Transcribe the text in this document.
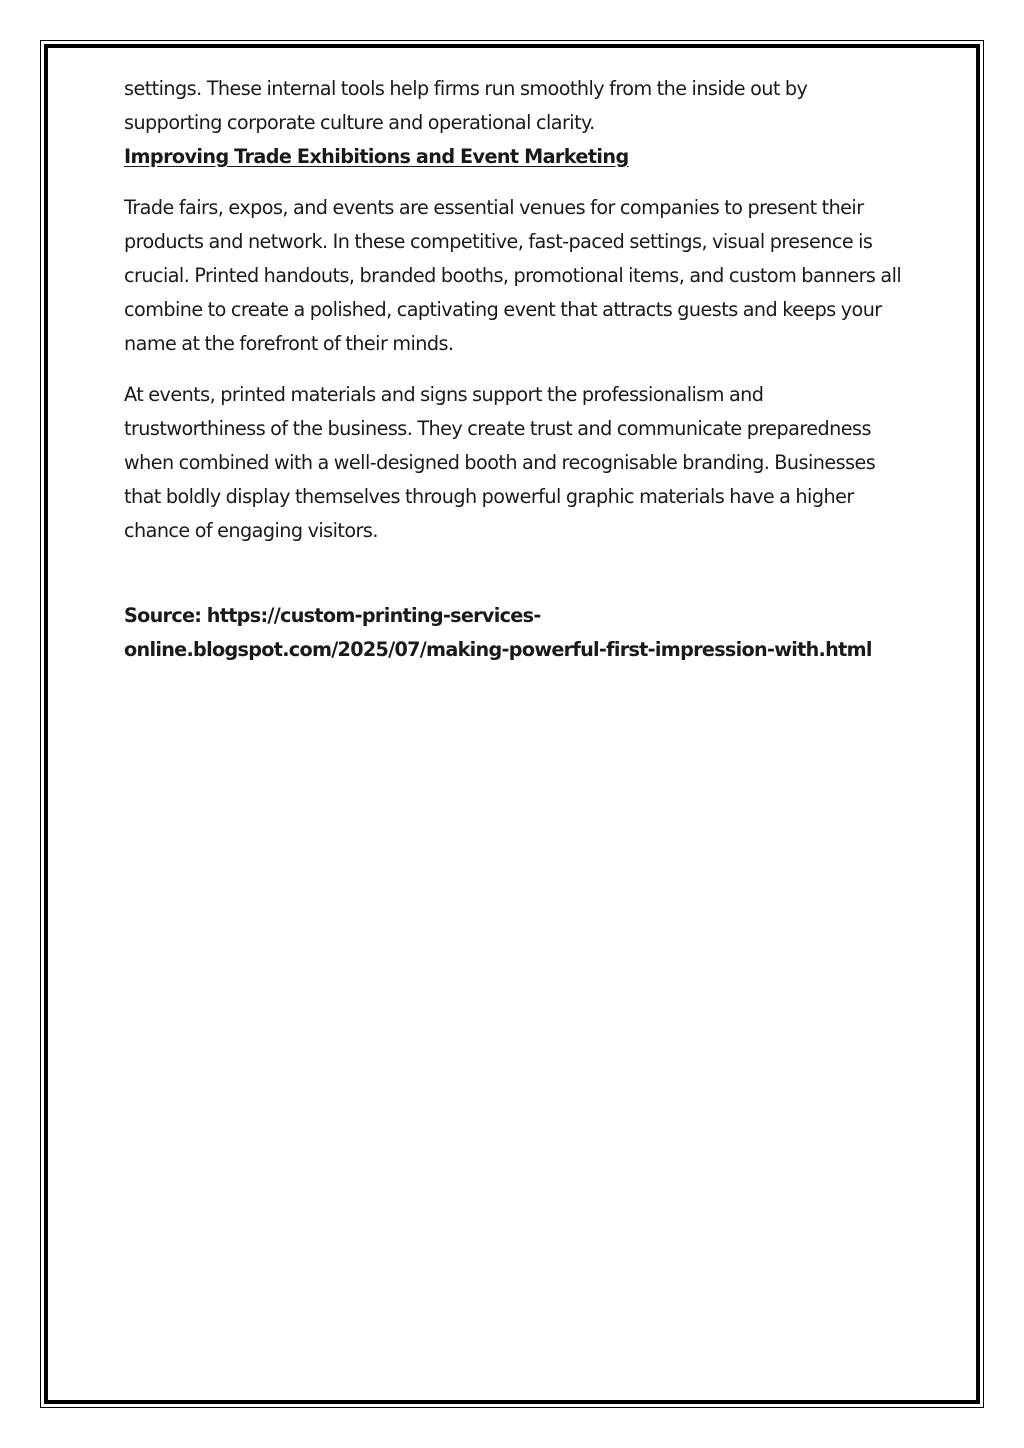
settings. These internal tools help firms run smoothly from the inside out by supporting corporate culture and operational clarity.

Improving Trade Exhibitions and Event Marketing

Trade fairs, expos, and events are essential venues for companies to present their products and network. In these competitive, fast-paced settings, visual presence is crucial. Printed handouts, branded booths, promotional items, and custom banners all combine to create a polished, captivating event that attracts guests and keeps your name at the forefront of their minds.

At events, printed materials and signs support the professionalism and trustworthiness of the business. They create trust and communicate preparedness when combined with a well-designed booth and recognisable branding. Businesses that boldly display themselves through powerful graphic materials have a higher chance of engaging visitors.

Source: https://custom-printing-services-
online.blogspot.com/2025/07/making-powerful-first-impression-with.html
